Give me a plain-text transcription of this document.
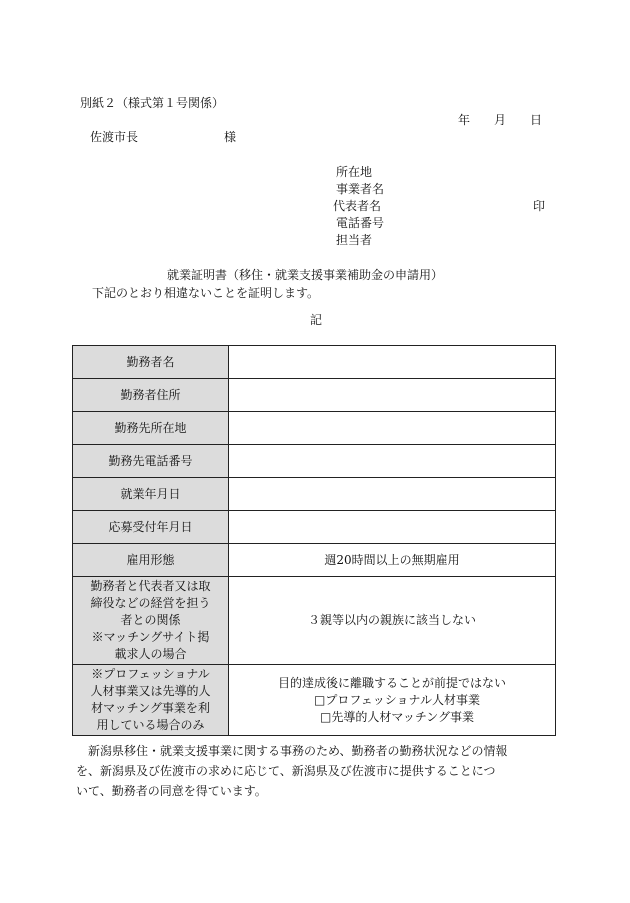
別紙２（様式第１号関係）
年　　月　　日
佐渡市長	様
所在地
事業者名
代表者名	印
電話番号
担当者
就業証明書（移住・就業支援事業補助金の申請用）
下記のとおり相違ないことを証明します。
記
勤務者名	
勤務者住所	
勤務先所在地	
勤務先電話番号	
就業年月日	
応募受付年月日	
雇用形態	週20時間以上の無期雇用

勤務者と代表者又は取
締役などの経営を担う
者との関係
※マッチングサイト掲
載求人の場合	３親等以内の親族に該当しない

※プロフェッショナル
人材事業又は先導的人
材マッチング事業を利
用している場合のみ	目的達成後に離職することが前提ではない
□プロフェッショナル人材事業
□先導的人材マッチング事業

　新潟県移住・就業支援事業に関する事務のため、勤務者の勤務状況などの情報

を、新潟県及び佐渡市の求めに応じて、新潟県及び佐渡市に提供することにつ

いて、勤務者の同意を得ています。
